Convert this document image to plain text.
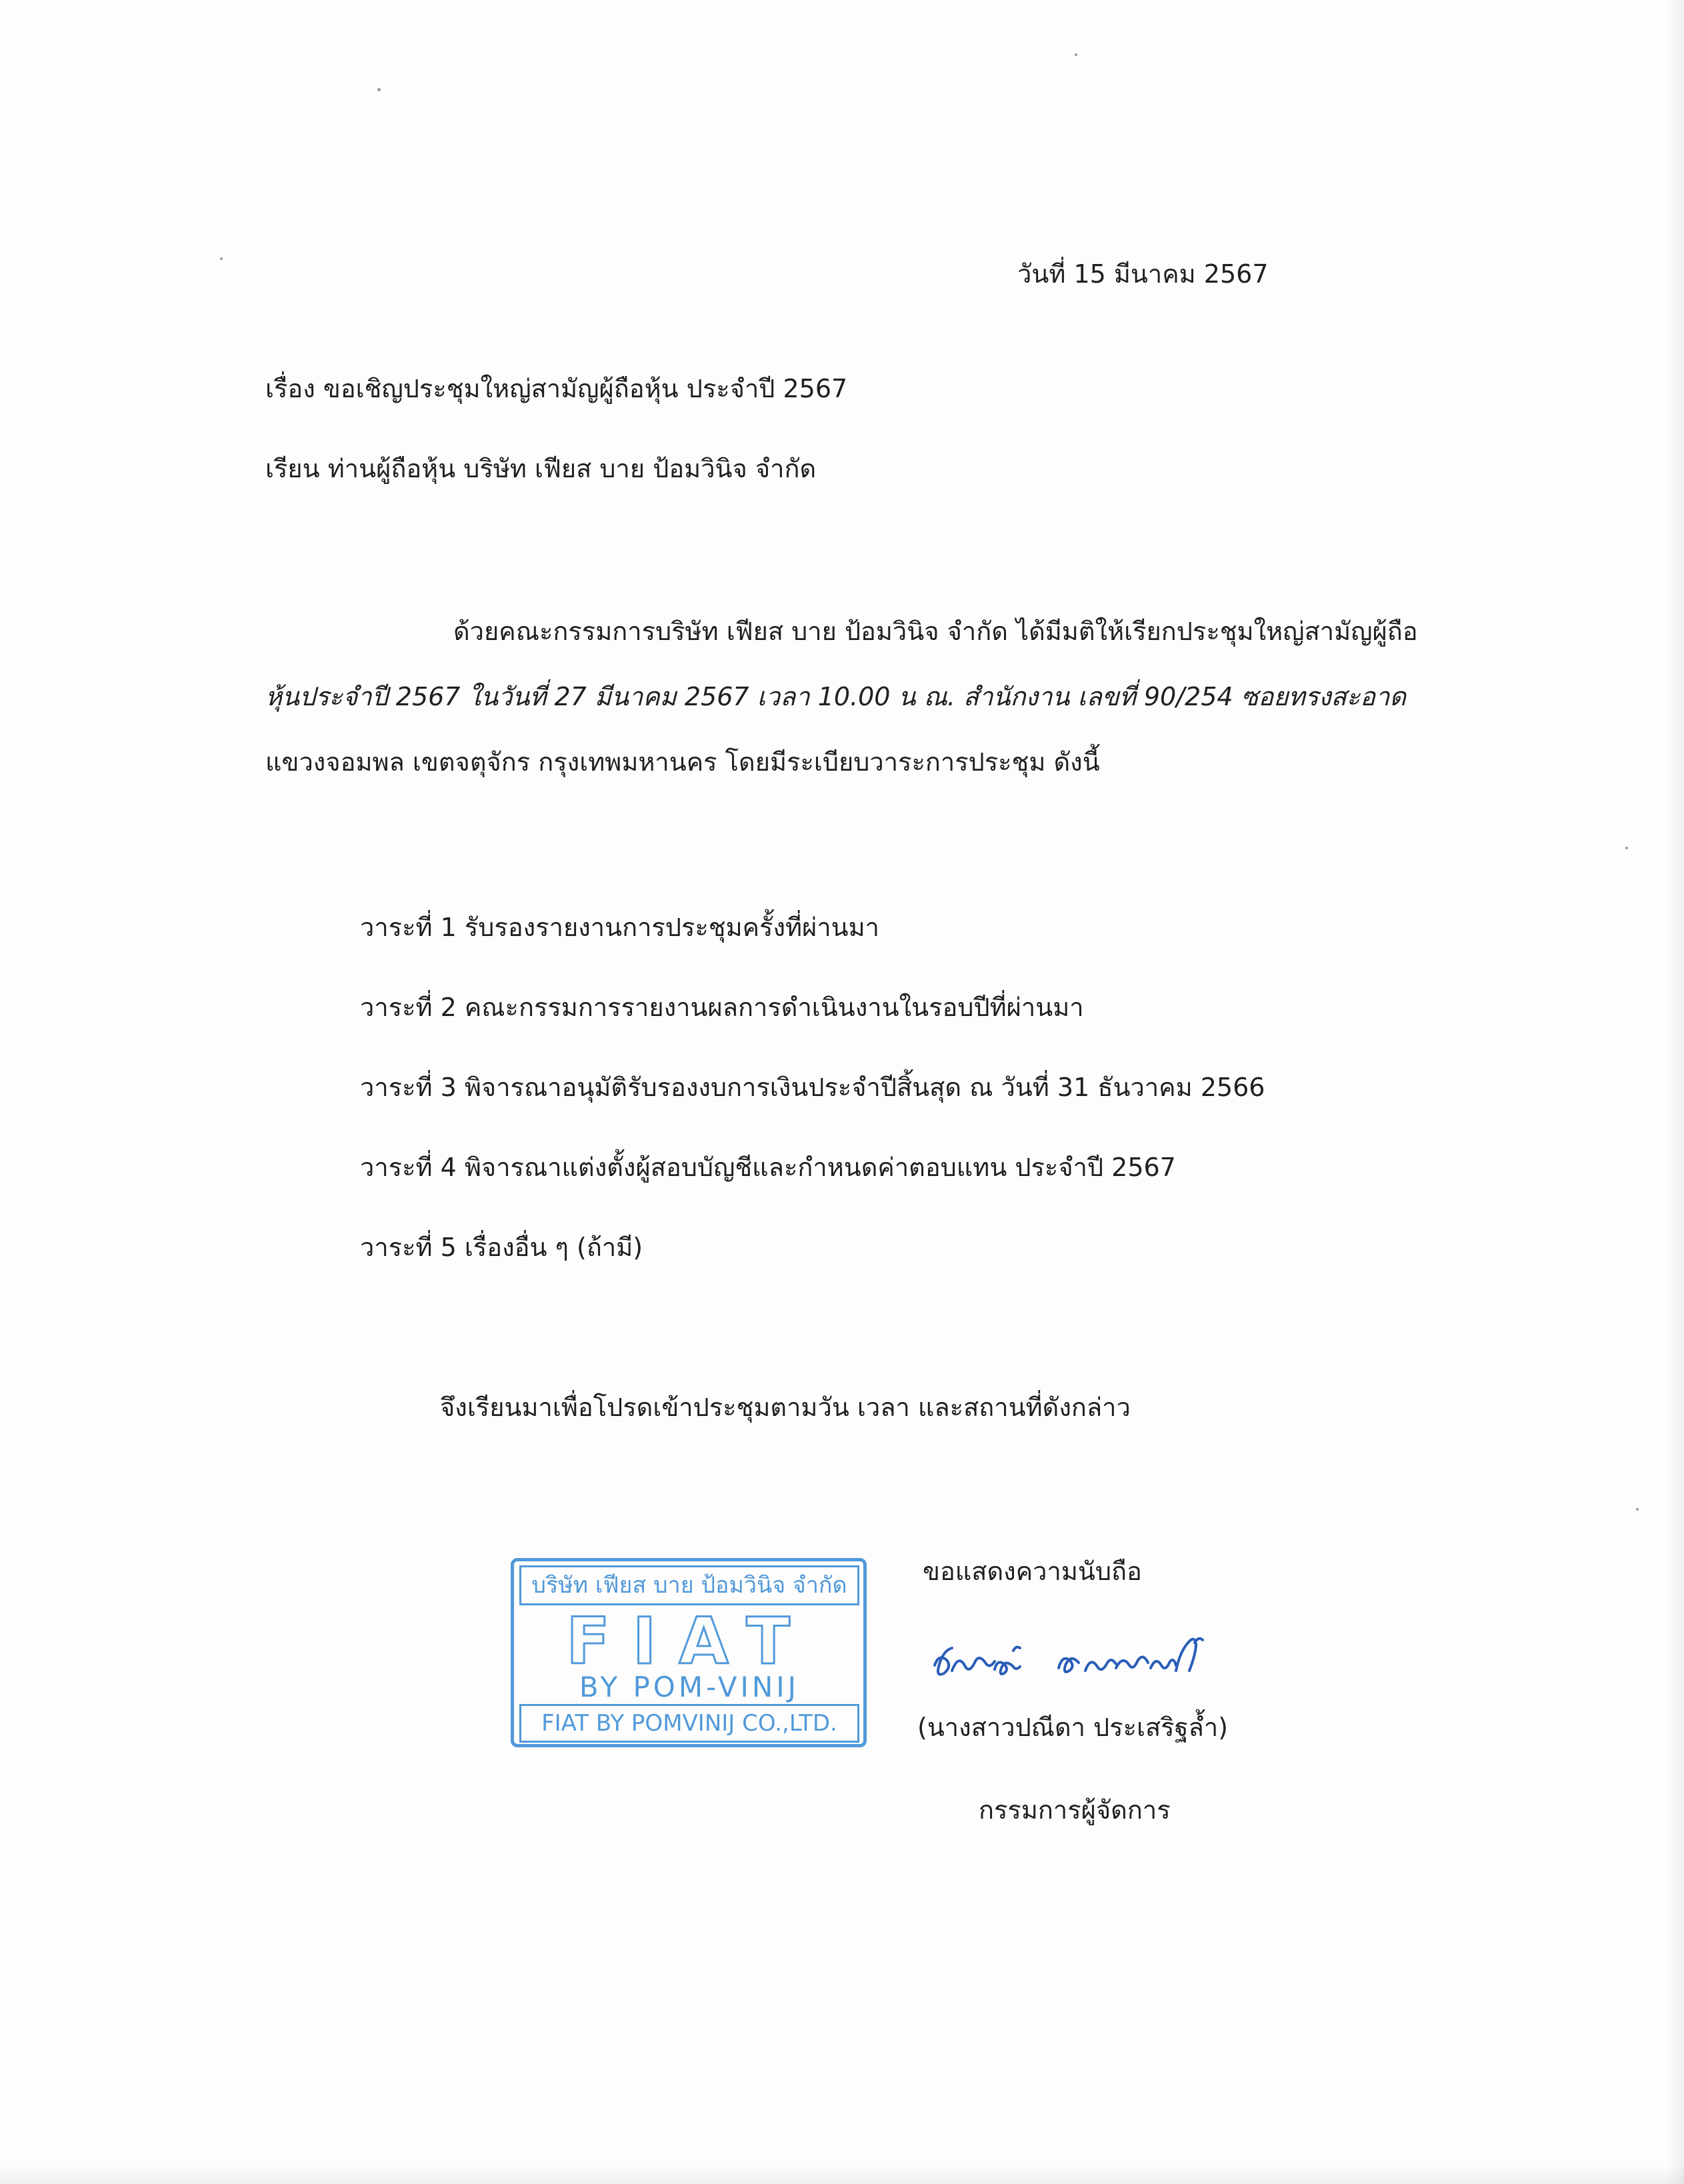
วันที่ 15 มีนาคม 2567
เรื่อง ขอเชิญประชุมใหญ่สามัญผู้ถือหุ้น ประจำปี 2567
เรียน ท่านผู้ถือหุ้น บริษัท เฟียส บาย ป้อมวินิจ จำกัด
ด้วยคณะกรรมการบริษัท เฟียส บาย ป้อมวินิจ จำกัด ได้มีมติให้เรียกประชุมใหญ่สามัญผู้ถือ
หุ้นประจำปี 2567 ในวันที่ 27 มีนาคม 2567 เวลา 10.00 น ณ. สำนักงาน เลขที่ 90/254 ซอยทรงสะอาด
แขวงจอมพล เขตจตุจักร กรุงเทพมหานคร โดยมีระเบียบวาระการประชุม ดังนี้
วาระที่ 1 รับรองรายงานการประชุมครั้งที่ผ่านมา
วาระที่ 2 คณะกรรมการรายงานผลการดำเนินงานในรอบปีที่ผ่านมา
วาระที่ 3 พิจารณาอนุมัติรับรองงบการเงินประจำปีสิ้นสุด ณ วันที่ 31 ธันวาคม 2566
วาระที่ 4 พิจารณาแต่งตั้งผู้สอบบัญชีและกำหนดค่าตอบแทน ประจำปี 2567
วาระที่ 5 เรื่องอื่น ๆ (ถ้ามี)
จึงเรียนมาเพื่อโปรดเข้าประชุมตามวัน เวลา และสถานที่ดังกล่าว
ขอแสดงความนับถือ
บริษัท เฟียส บาย ป้อมวินิจ จำกัด
FIAT
BY POM-VINIJ
FIAT BY POMVINIJ CO.,LTD.	(นางสาวปณีดา ประเสริฐล้ำ)
กรรมการผู้จัดการ
